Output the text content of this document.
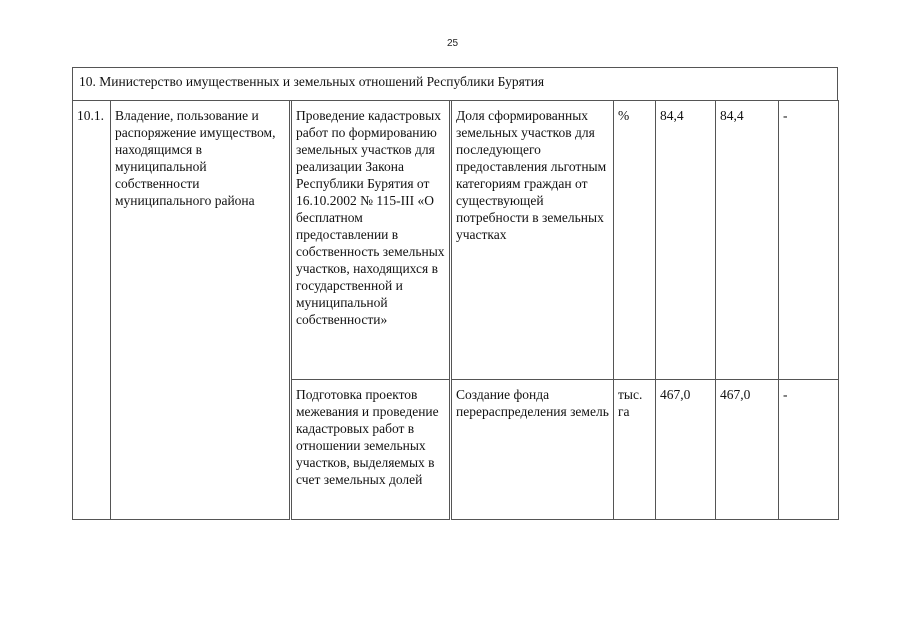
25
10. Министерство имущественных и земельных отношений Республики Бурятия
10.1.	Владение, пользование и распоряжение имуществом, находящимся в муниципальной собственности муниципального района	Проведение кадастровых работ по формированию земельных участков для реализации Закона Республики Бурятия от 16.10.2002 № 115-III «О бесплатном предоставлении в собственность земельных участков, находящихся в государственной и муниципальной собственности»	Доля сформированных земельных участков для последующего предоставления льготным категориям граждан от существующей потребности в земельных участках	%	84,4	84,4	-
		Подготовка проектов межевания и проведение кадастровых работ в отношении земельных участков, выделяемых в счет земельных долей	Создание фонда перераспределения земель	тыс. га	467,0	467,0	-
